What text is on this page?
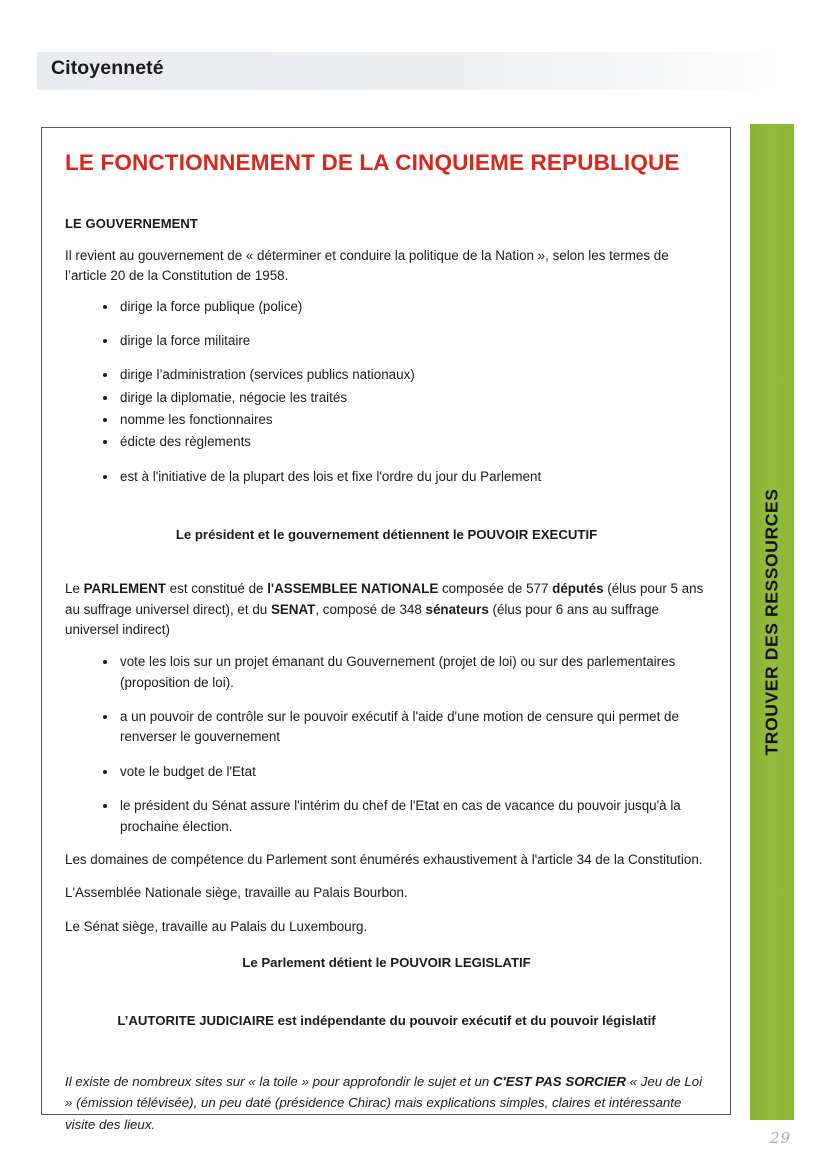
Citoyenneté
TROUVER DES RESSOURCES
LE FONCTIONNEMENT DE LA CINQUIEME REPUBLIQUE
LE GOUVERNEMENT

Il revient au gouvernement de « déterminer et conduire la politique de la Nation », selon les termes de l’article 20 de la Constitution de 1958.

dirige la force publique (police)
dirige la force militaire
dirige l’administration (services publics nationaux)
dirige la diplomatie, négocie les traités
nomme les fonctionnaires
édicte des règlements
est à l'initiative de la plupart des lois et fixe l'ordre du jour du Parlement

Le président et le gouvernement détiennent le POUVOIR EXECUTIF

Le PARLEMENT est constitué de l'ASSEMBLEE NATIONALE composée de 577 députés (élus pour 5 ans au suffrage universel direct), et du SENAT, composé de 348 sénateurs (élus pour 6 ans au suffrage universel indirect)

vote les lois sur un projet émanant du Gouvernement (projet de loi) ou sur des parlementaires (proposition de loi).
a un pouvoir de contrôle sur le pouvoir exécutif à l'aide d'une motion de censure qui permet de renverser le gouvernement
vote le budget de l'Etat
le président du Sénat assure l'intérim du chef de l'Etat en cas de vacance du pouvoir jusqu'à la prochaine élection.

Les domaines de compétence du Parlement sont énumérés exhaustivement à l'article 34 de la Constitution.

L'Assemblée Nationale siège, travaille au Palais Bourbon.

Le Sénat siège, travaille au Palais du Luxembourg.

Le Parlement détient le POUVOIR LEGISLATIF

L’AUTORITE JUDICIAIRE est indépendante du pouvoir exécutif et du pouvoir législatif

Il existe de nombreux sites sur « la toile » pour approfondir le sujet et un C'EST PAS SORCIER « Jeu de Loi » (émission télévisée), un peu daté (présidence Chirac) mais explications simples, claires et intéressante visite des lieux.

29
